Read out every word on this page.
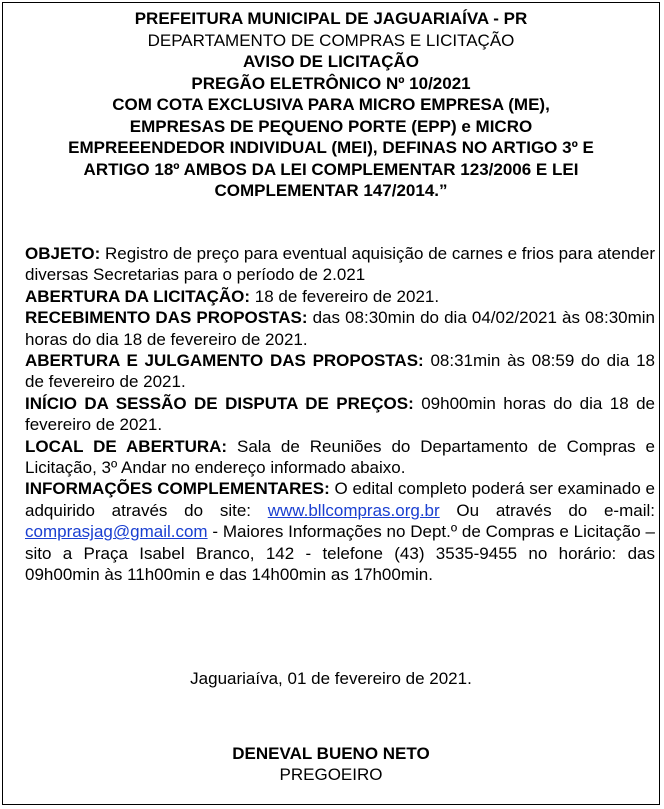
PREFEITURA MUNICIPAL DE JAGUARIAÍVA - PR
DEPARTAMENTO DE COMPRAS E LICITAÇÃO
AVISO DE LICITAÇÃO
PREGÃO ELETRÔNICO Nº 10/2021
COM COTA EXCLUSIVA PARA MICRO EMPRESA (ME),
EMPRESAS DE PEQUENO PORTE (EPP) e MICRO
EMPREEENDEDOR INDIVIDUAL (MEI), DEFINAS NO ARTIGO 3º E
ARTIGO 18º AMBOS DA LEI COMPLEMENTAR 123/2006 E LEI
COMPLEMENTAR 147/2014.”

OBJETO: Registro de preço para eventual aquisição de carnes e frios para atender diversas Secretarias para o período de 2.021

ABERTURA DA LICITAÇÃO: 18 de fevereiro de 2021.

RECEBIMENTO DAS PROPOSTAS: das 08:30min do dia 04/02/2021 às 08:30min horas do dia 18 de fevereiro de 2021.

ABERTURA E JULGAMENTO DAS PROPOSTAS: 08:31min às 08:59 do dia 18 de fevereiro de 2021.

INÍCIO DA SESSÃO DE DISPUTA DE PREÇOS: 09h00min horas do dia 18 de fevereiro de 2021.

LOCAL DE ABERTURA: Sala de Reuniões do Departamento de Compras e Licitação, 3º Andar no endereço informado abaixo.

INFORMAÇÕES COMPLEMENTARES: O edital completo poderá ser examinado e adquirido através do site: www.bllcompras.org.br Ou através do e-mail: comprasjag@gmail.com - Maiores Informações no Dept.º de Compras e Licitação – sito a Praça Isabel Branco, 142 - telefone (43) 3535-9455 no horário: das 09h00min às 11h00min e das 14h00min as 17h00min.

Jaguariaíva, 01 de fevereiro de 2021.
DENEVAL BUENO NETO
PREGOEIRO
